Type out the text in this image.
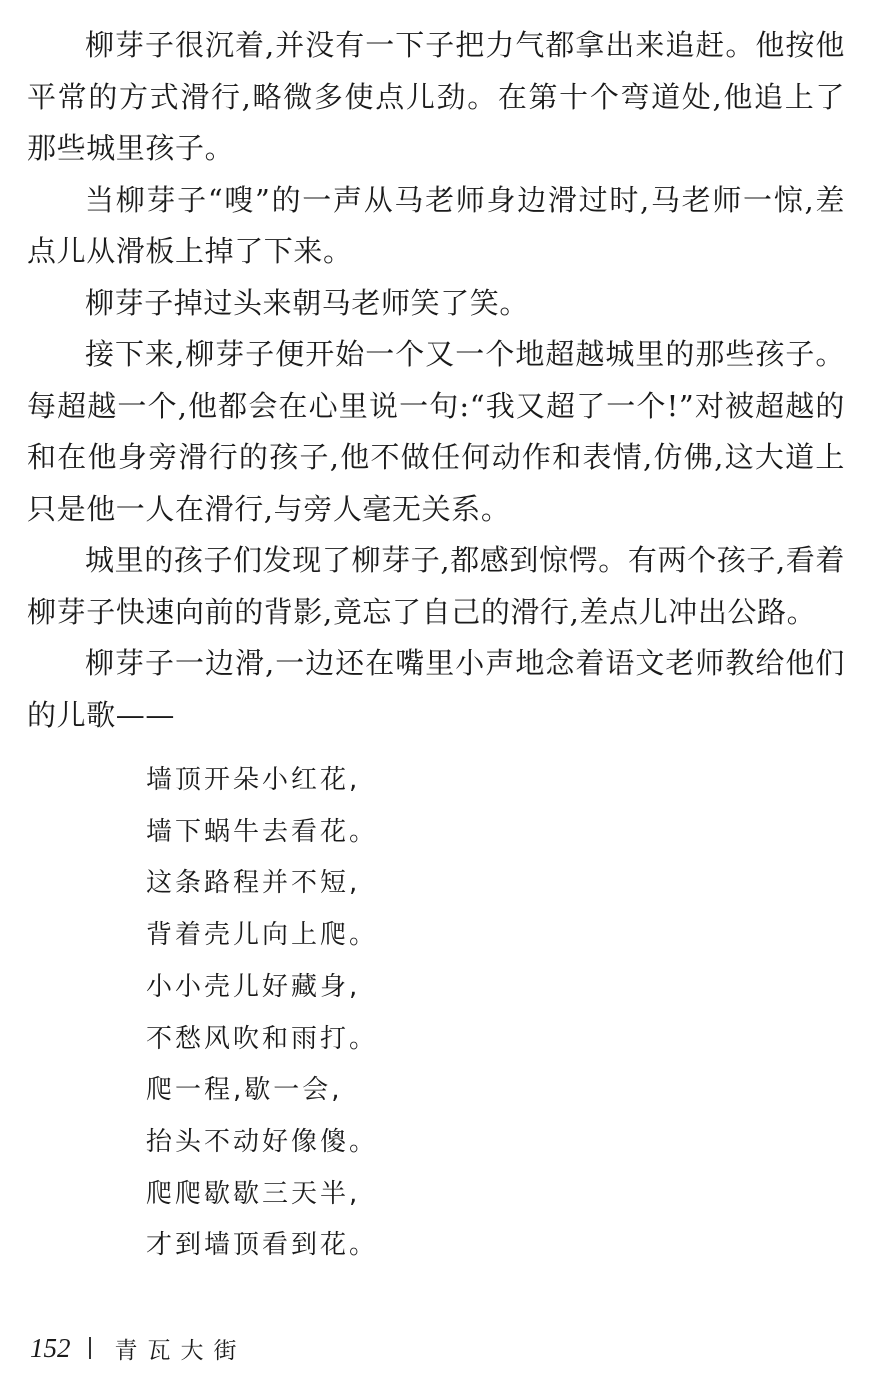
柳芽子很沉着,并没有一下子把力气都拿出来追赶。他按他平常的方式滑行,略微多使点儿劲。在第十个弯道处,他追上了那些城里孩子。

当柳芽子“嗖”的一声从马老师身边滑过时,马老师一惊,差点儿从滑板上掉了下来。

柳芽子掉过头来朝马老师笑了笑。

接下来,柳芽子便开始一个又一个地超越城里的那些孩子。每超越一个,他都会在心里说一句:“我又超了一个!”对被超越的和在他身旁滑行的孩子,他不做任何动作和表情,仿佛,这大道上只是他一人在滑行,与旁人毫无关系。

城里的孩子们发现了柳芽子,都感到惊愕。有两个孩子,看着柳芽子快速向前的背影,竟忘了自己的滑行,差点儿冲出公路。

柳芽子一边滑,一边还在嘴里小声地念着语文老师教给他们的儿歌——

墙顶开朵小红花,
墙下蜗牛去看花。
这条路程并不短,
背着壳儿向上爬。
小小壳儿好藏身,
不愁风吹和雨打。
爬一程,歇一会,
抬头不动好像傻。
爬爬歇歇三天半,
才到墙顶看到花。
152 青瓦大街
